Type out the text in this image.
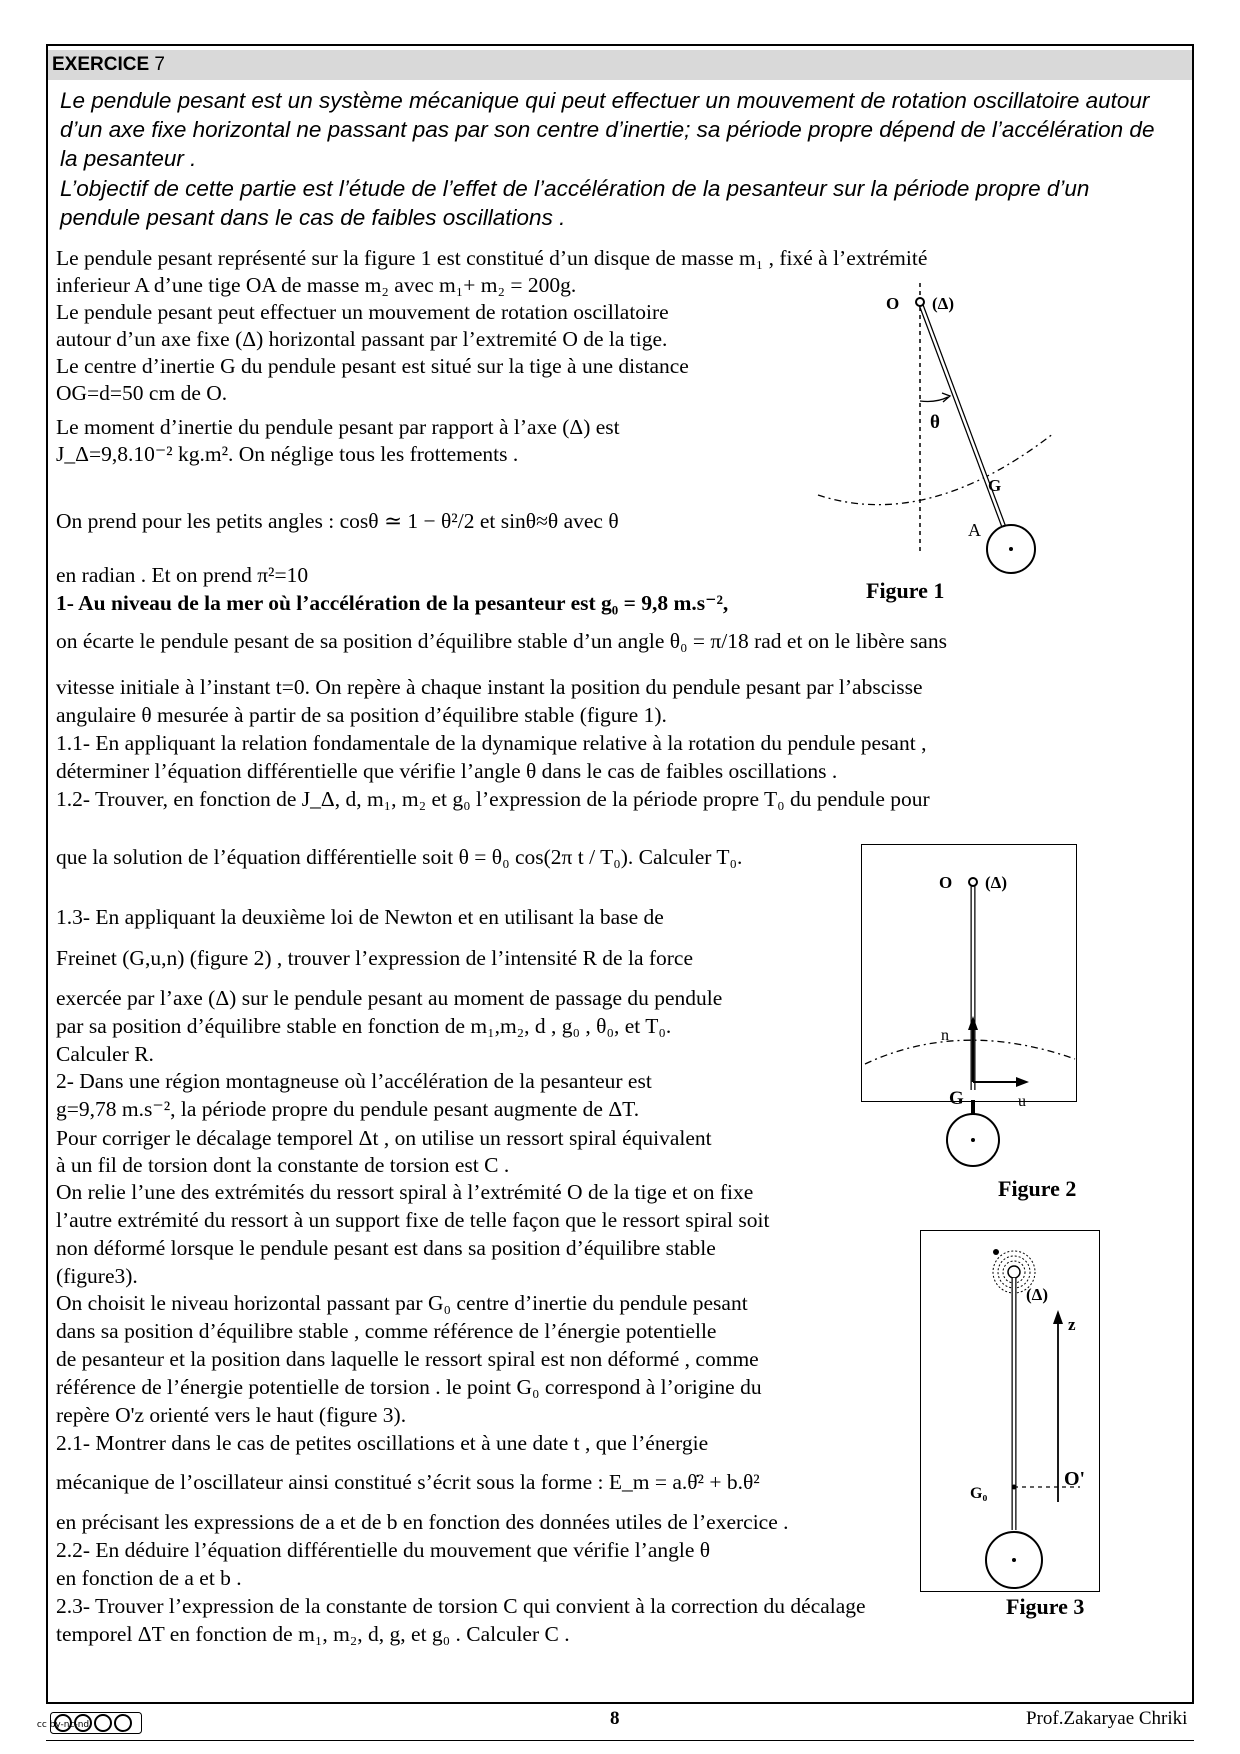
EXERCICE 7
Le pendule pesant est un système mécanique qui peut effectuer un mouvement de rotation oscillatoire autour d’un axe fixe horizontal ne passant pas par son centre d’inertie; sa période propre dépend de l’accélération de la pesanteur .
L’objectif de cette partie est l’étude de l’effet de l’accélération de la pesanteur sur la période propre d’un pendule pesant dans le cas de faibles oscillations .
Le pendule pesant représenté sur la figure 1 est constitué d’un disque de masse m₁ , fixé à l’extrémité
inferieur A d’une tige OA de masse m₂ avec m₁+ m₂ = 200g.
Le pendule pesant peut effectuer un mouvement de rotation oscillatoire
autour d’un axe fixe (Δ) horizontal passant par l’extremité O de la tige.
Le centre d’inertie G du pendule pesant est situé sur la tige à une distance
OG=d=50 cm de O.
Le moment d’inertie du pendule pesant par rapport à l’axe (Δ) est
J_Δ=9,8.10⁻² kg.m². On néglige tous les frottements .
On prend pour les petits angles : cosθ ≃ 1 − θ²/2 et sinθ≈θ avec θ
en radian . Et on prend π²=10
1- Au niveau de la mer où l’accélération de la pesanteur est g₀ = 9,8 m.s⁻²,
on écarte le pendule pesant de sa position d’équilibre stable d’un angle θ₀ = π/18 rad et on le libère sans
vitesse initiale à l’instant t=0. On repère à chaque instant la position du pendule pesant par l’abscisse
angulaire θ mesurée à partir de sa position d’équilibre stable (figure 1).
1.1- En appliquant la relation fondamentale de la dynamique relative à la rotation du pendule pesant ,
déterminer l’équation différentielle que vérifie l’angle θ dans le cas de faibles oscillations .
1.2- Trouver, en fonction de J_Δ, d, m₁, m₂ et g₀ l’expression de la période propre T₀ du pendule pour
que la solution de l’équation différentielle soit θ = θ₀ cos(2π t / T₀). Calculer T₀.
1.3- En appliquant la deuxième loi de Newton et en utilisant la base de
Freinet (G,u,n) (figure 2) , trouver l’expression de l’intensité R de la force
exercée par l’axe (Δ) sur le pendule pesant au moment de passage du pendule
par sa position d’équilibre stable en fonction de m₁,m₂, d , g₀ , θ₀, et T₀.
Calculer R.
2- Dans une région montagneuse où l’accélération de la pesanteur est
g=9,78 m.s⁻², la période propre du pendule pesant augmente de ΔT.
Pour corriger le décalage temporel Δt , on utilise un ressort spiral équivalent
à un fil de torsion dont la constante de torsion est C .
On relie l’une des extrémités du ressort spiral à l’extrémité O de la tige et on fixe
l’autre extrémité du ressort à un support fixe de telle façon que le ressort spiral soit
non déformé lorsque le pendule pesant est dans sa position d’équilibre stable
(figure3).
On choisit le niveau horizontal passant par G₀ centre d’inertie du pendule pesant
dans sa position d’équilibre stable , comme référence de l’énergie potentielle
de pesanteur et la position dans laquelle le ressort spiral est non déformé , comme
référence de l’énergie potentielle de torsion . le point G₀ correspond à l’origine du
repère O'z orienté vers le haut (figure 3).
2.1- Montrer dans le cas de petites oscillations et à une date t , que l’énergie
mécanique de l’oscillateur ainsi constitué s’écrit sous la forme : E_m = a.θ̇² + b.θ²
en précisant les expressions de a et de b en fonction des données utiles de l’exercice .
2.2- En déduire l’équation différentielle du mouvement que vérifie l’angle θ
en fonction de a et b .
2.3- Trouver l’expression de la constante de torsion C qui convient à la correction du décalage
temporel ΔT en fonction de m₁, m₂, d, g, et g₀ . Calculer C .
O (Δ)
θ
G
A
Figure 1
O (Δ)
n
u
G
Figure 2
(Δ)
z
G₀
O'
Figure 3
cc by-nc-nd	8	Prof.Zakaryae Chriki
